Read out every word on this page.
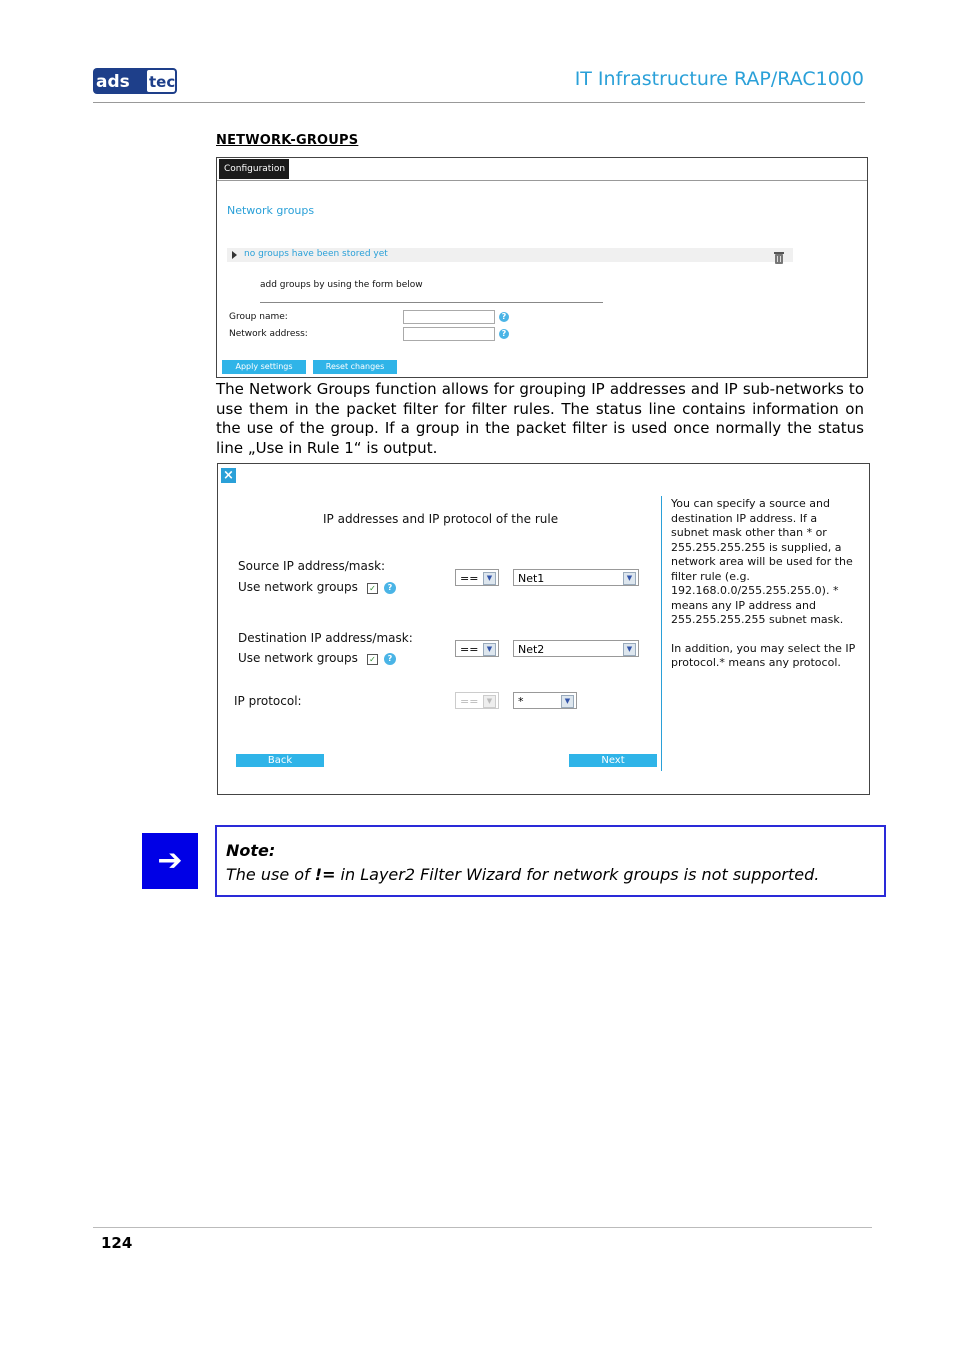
ads tec	IT Infrastructure RAP/RAC1000
NETWORK-GROUPS
Configuration
Network groups
no groups have been stored yet
add groups by using the form below
Group name:	?
Network address:	?
Apply settings	Reset changes
The Network Groups function allows for grouping IP addresses and IP sub-networks to use them in the packet filter for filter rules. The status line contains information on the use of the group. If a group in the packet filter is used once normally the status line „Use in Rule 1“ is output.
×
IP addresses and IP protocol of the rule
Source IP address/mask:
Use network groups ✓	?
==	▼	Net1	▼
Destination IP address/mask:
Use network groups ✓	?
==	▼	Net2	▼
IP protocol:	==	▼	*	▼
You can specify a source and destination IP address. If a subnet mask other than * or 255.255.255.255 is supplied, a network area will be used for the filter rule (e.g. 192.168.0.0/255.255.255.0). * means any IP address and 255.255.255.255 subnet mask.
In addition, you may select the IP protocol.* means any protocol.
Back	Next
➔	Note:
The use of != in Layer2 Filter Wizard for network groups is not supported.
124
